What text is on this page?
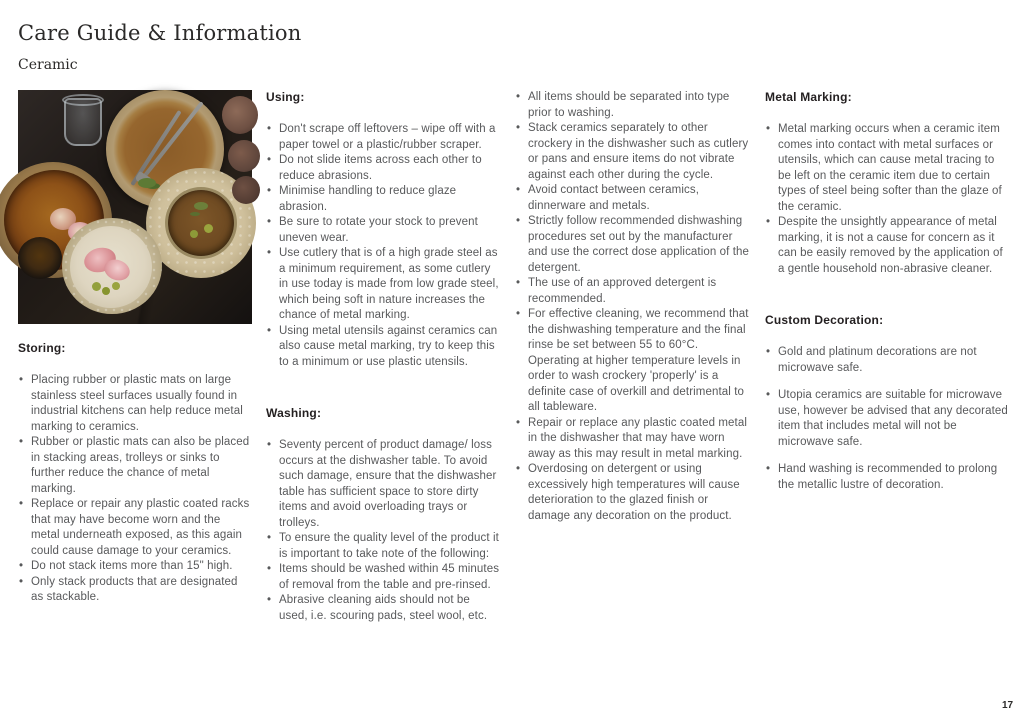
Care Guide & Information
Ceramic
Storing:
• Placing rubber or plastic mats on large stainless steel surfaces usually found in industrial kitchens can help reduce metal marking to ceramics.
• Rubber or plastic mats can also be placed in stacking areas, trolleys or sinks to further reduce the chance of metal marking.
• Replace or repair any plastic coated racks that may have become worn and the metal underneath exposed, as this again could cause damage to your ceramics.
• Do not stack items more than 15" high.
• Only stack products that are designated as stackable.
Using:
• Don't scrape off leftovers – wipe off with a paper towel or a plastic/rubber scraper.
• Do not slide items across each other to reduce abrasions.
• Minimise handling to reduce glaze abrasion.
• Be sure to rotate your stock to prevent uneven wear.
• Use cutlery that is of a high grade steel as a minimum requirement, as some cutlery in use today is made from low grade steel, which being soft in nature increases the chance of metal marking.
• Using metal utensils against ceramics can also cause metal marking, try to keep this to a minimum or use plastic utensils.
Washing:
• Seventy percent of product damage/ loss occurs at the dishwasher table. To avoid such damage, ensure that the dishwasher table has sufficient space to store dirty items and avoid overloading trays or trolleys.
• To ensure the quality level of the product it is important to take note of the following:
• Items should be washed within 45 minutes of removal from the table and pre-rinsed.
• Abrasive cleaning aids should not be used, i.e. scouring pads, steel wool, etc.
• All items should be separated into type prior to washing.
• Stack ceramics separately to other crockery in the dishwasher such as cutlery or pans and ensure items do not vibrate against each other during the cycle.
• Avoid contact between ceramics, dinnerware and metals.
• Strictly follow recommended dishwashing procedures set out by the manufacturer and use the correct dose application of the detergent.
• The use of an approved detergent is recommended.
• For effective cleaning, we recommend that the dishwashing temperature and the final rinse be set between 55 to 60°C. Operating at higher temperature levels in order to wash crockery 'properly' is a definite case of overkill and detrimental to all tableware.
• Repair or replace any plastic coated metal in the dishwasher that may have worn away as this may result in metal marking.
• Overdosing on detergent or using excessively high temperatures will cause deterioration to the glazed finish or damage any decoration on the product.
Metal Marking:
• Metal marking occurs when a ceramic item comes into contact with metal surfaces or utensils, which can cause metal tracing to be left on the ceramic item due to certain types of steel being softer than the glaze of the ceramic.
• Despite the unsightly appearance of metal marking, it is not a cause for concern as it can be easily removed by the application of a gentle household non-abrasive cleaner.
Custom Decoration:
• Gold and platinum decorations are not microwave safe.
• Utopia ceramics are suitable for microwave use, however be advised that any decorated item that includes metal will not be microwave safe.
• Hand washing is recommended to prolong the metallic lustre of decoration.
17
